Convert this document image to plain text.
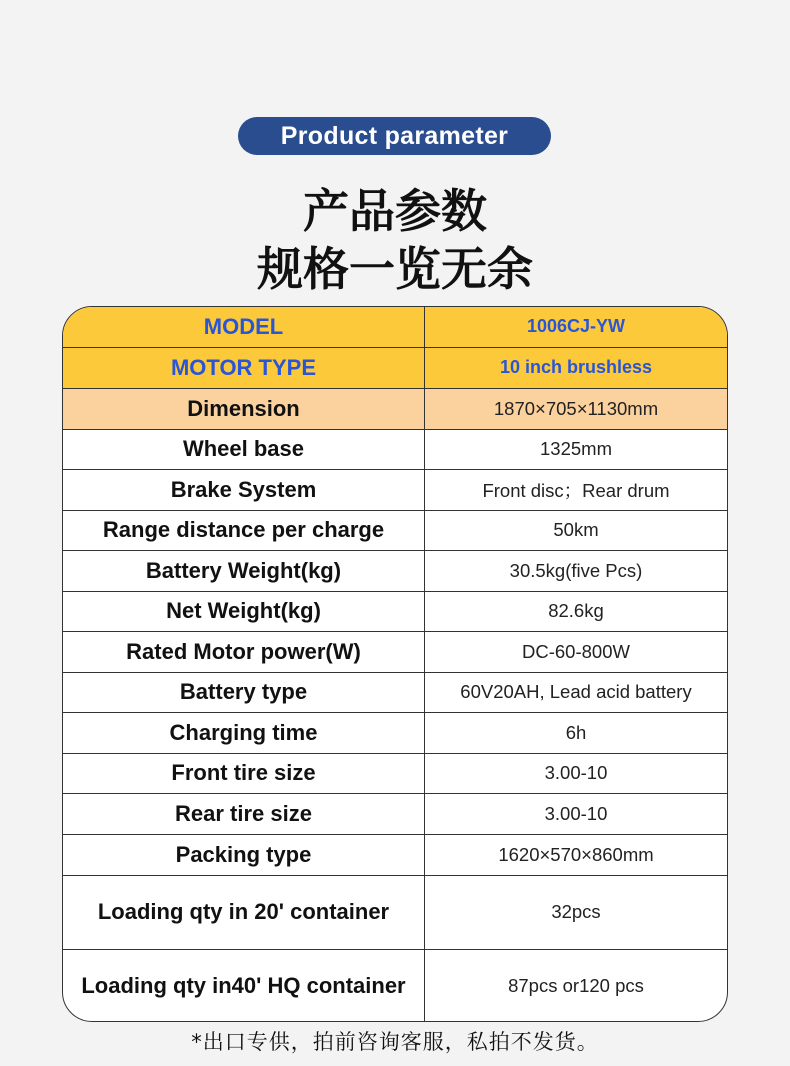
Product parameter
产品参数
规格一览无余
MODEL	1006CJ-YW
MOTOR TYPE	10 inch brushless
Dimension	1870×705×1130mm
Wheel base	1325mm
Brake System	Front disc；Rear drum
Range distance per charge	50km
Battery Weight(kg)	30.5kg(five Pcs)
Net Weight(kg)	82.6kg
Rated Motor power(W)	DC-60-800W
Battery type	60V20AH, Lead acid battery
Charging time	6h
Front tire size	3.00-10
Rear tire size	3.00-10
Packing type	1620×570×860mm
Loading qty in 20' container	32pcs
Loading qty in40' HQ container	87pcs or120 pcs
*出口专供，拍前咨询客服，私拍不发货。
